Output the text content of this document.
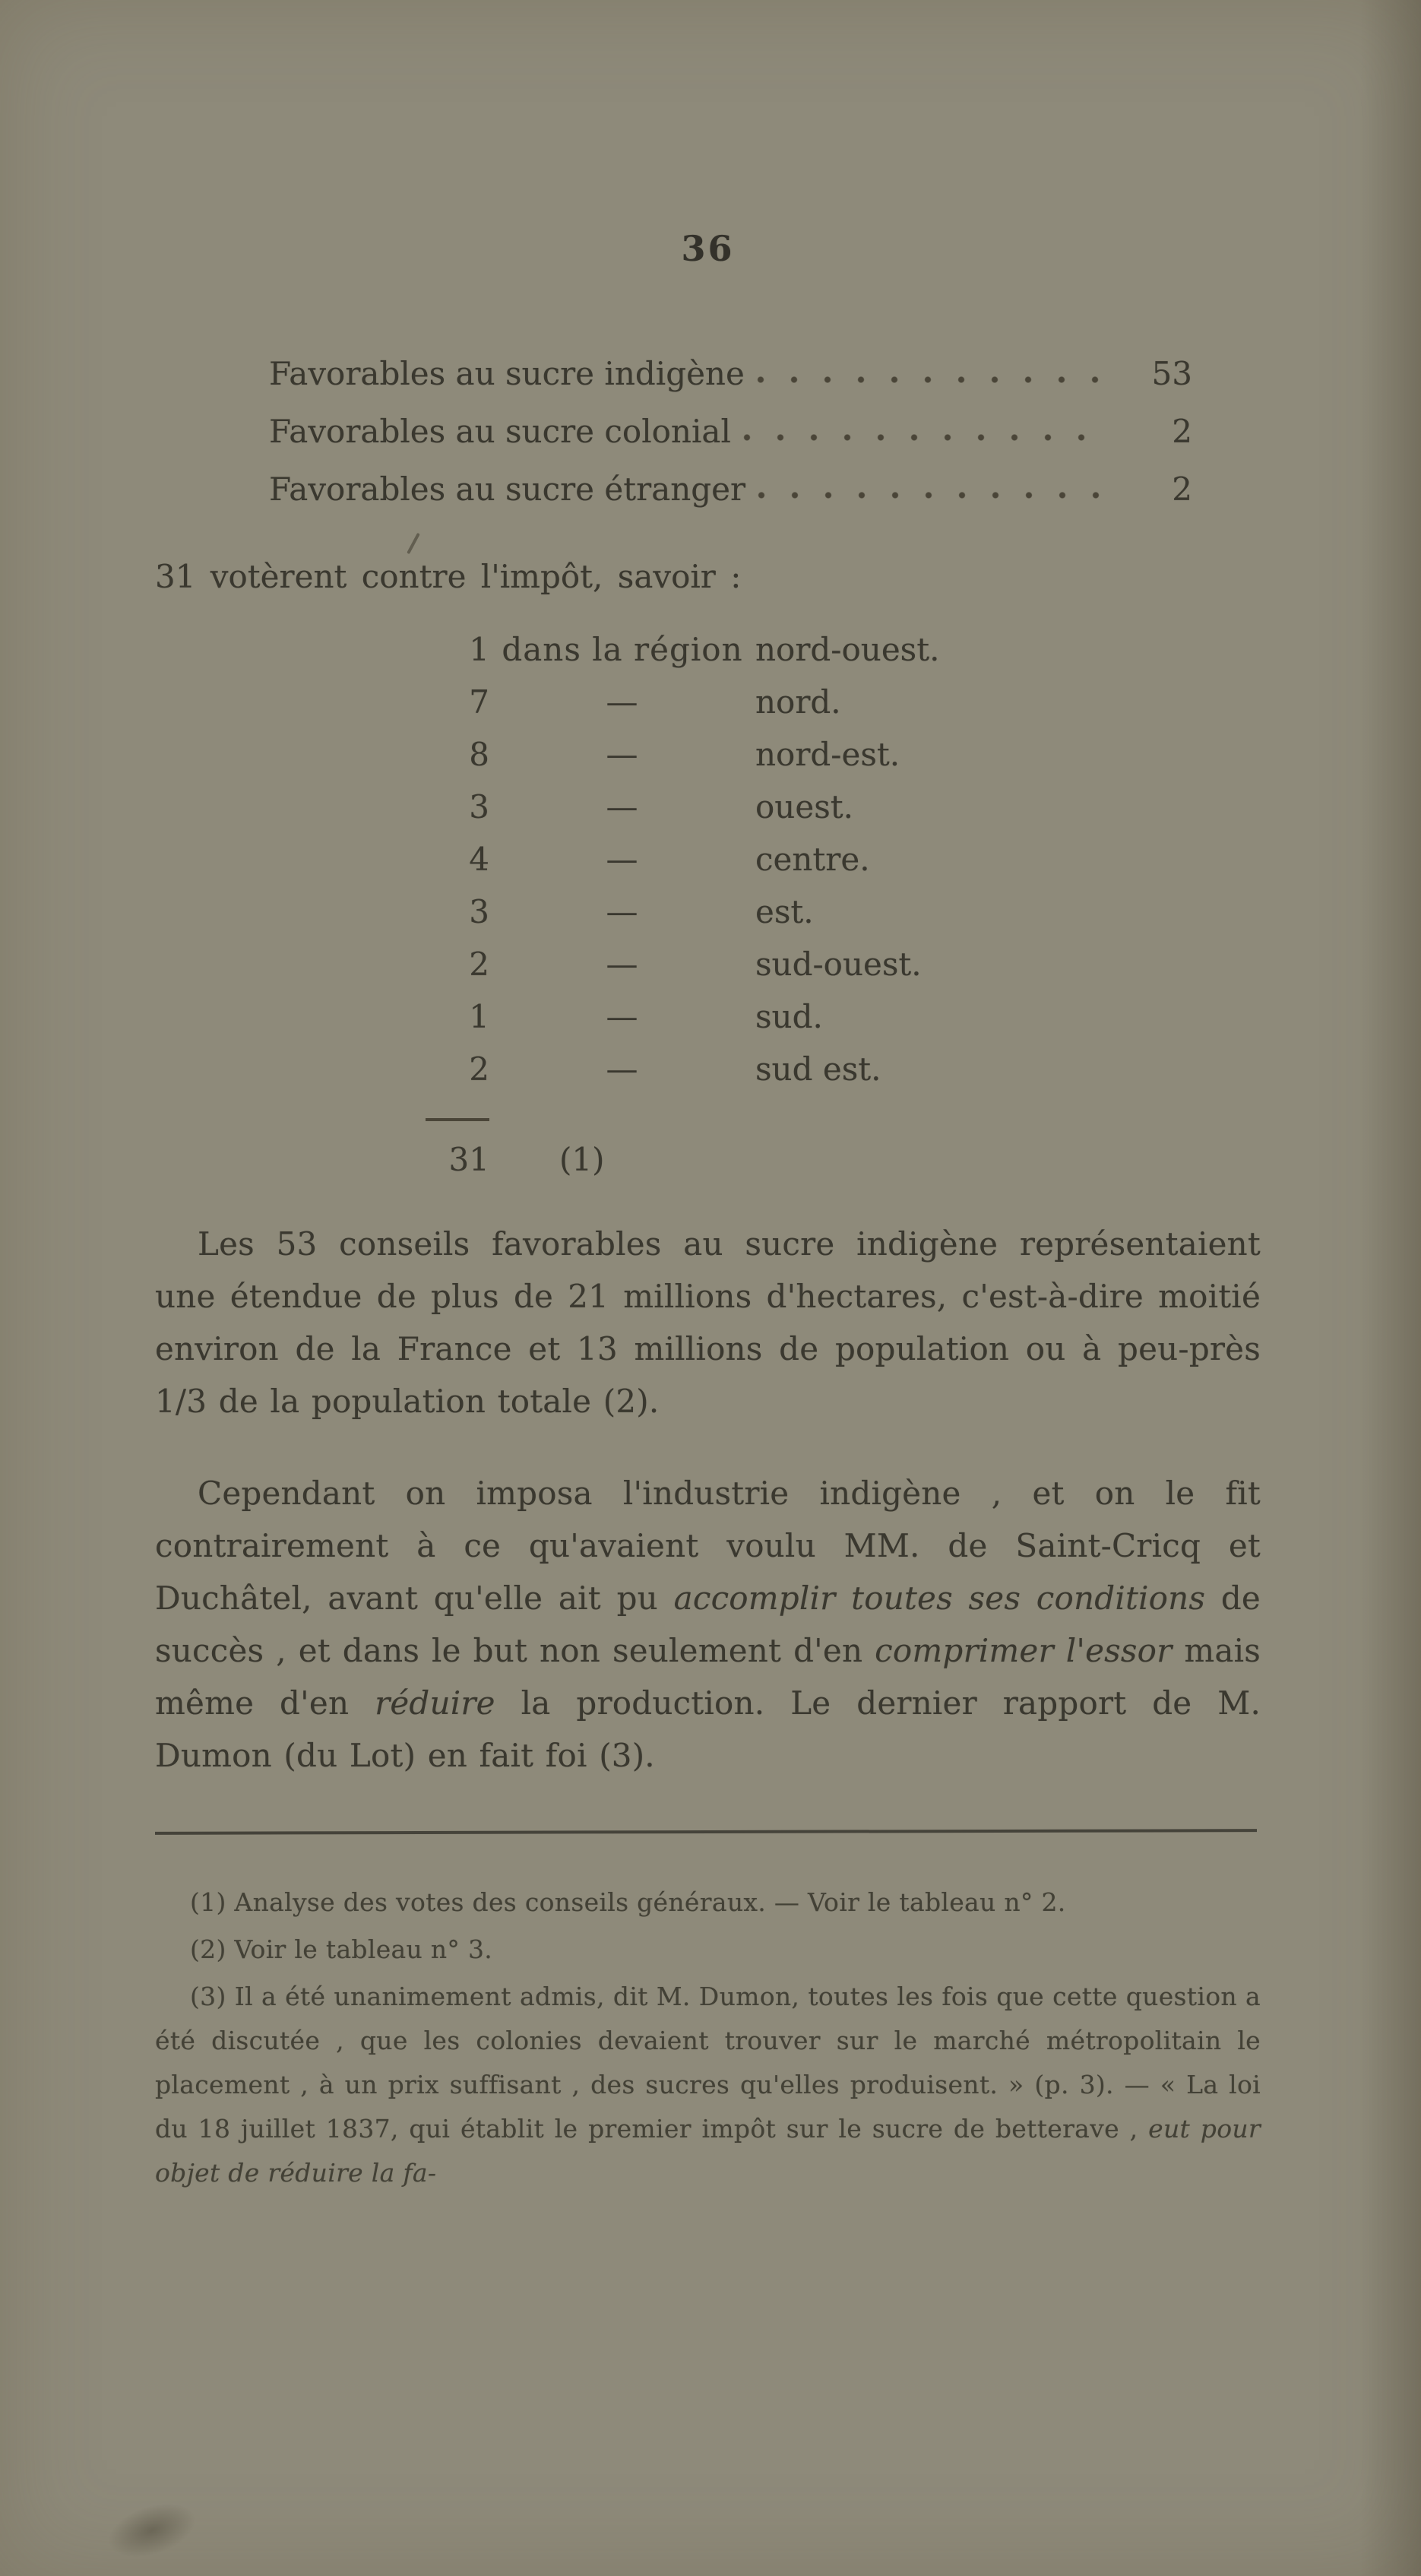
36
Favorables au sucre indigène	53
Favorables au sucre colonial	2
Favorables au sucre étranger	2
31 votèrent contre l'impôt, savoir :
1 dans la région nord-ouest.
7	—	nord.
8	—	nord-est.
3	—	ouest.
4	—	centre.
3	—	est.
2	—	sud-ouest.
1	—	sud.
2	—	sud est.
31	(1)

Les 53 conseils favorables au sucre indigène représentaient une étendue de plus de 21 millions d'hectares, c'est-à-dire moitié environ de la France et 13 millions de population ou à peu-près 1/3 de la population totale (2).

Cependant on imposa l'industrie indigène , et on le fit contrairement à ce qu'avaient voulu MM. de Saint-Cricq et Duchâtel, avant qu'elle ait pu accomplir toutes ses conditions de succès , et dans le but non seulement d'en comprimer l'essor mais même d'en réduire la production. Le dernier rapport de M. Dumon (du Lot) en fait foi (3).

(1) Analyse des votes des conseils généraux. — Voir le tableau n° 2.

(2) Voir le tableau n° 3.

(3) Il a été unanimement admis, dit M. Dumon, toutes les fois que cette question a été discutée , que les colonies devaient trouver sur le marché métropolitain le placement , à un prix suffisant , des sucres qu'elles produisent. » (p. 3). — « La loi du 18 juillet 1837, qui établit le premier impôt sur le sucre de betterave , eut pour objet de réduire la fa-
